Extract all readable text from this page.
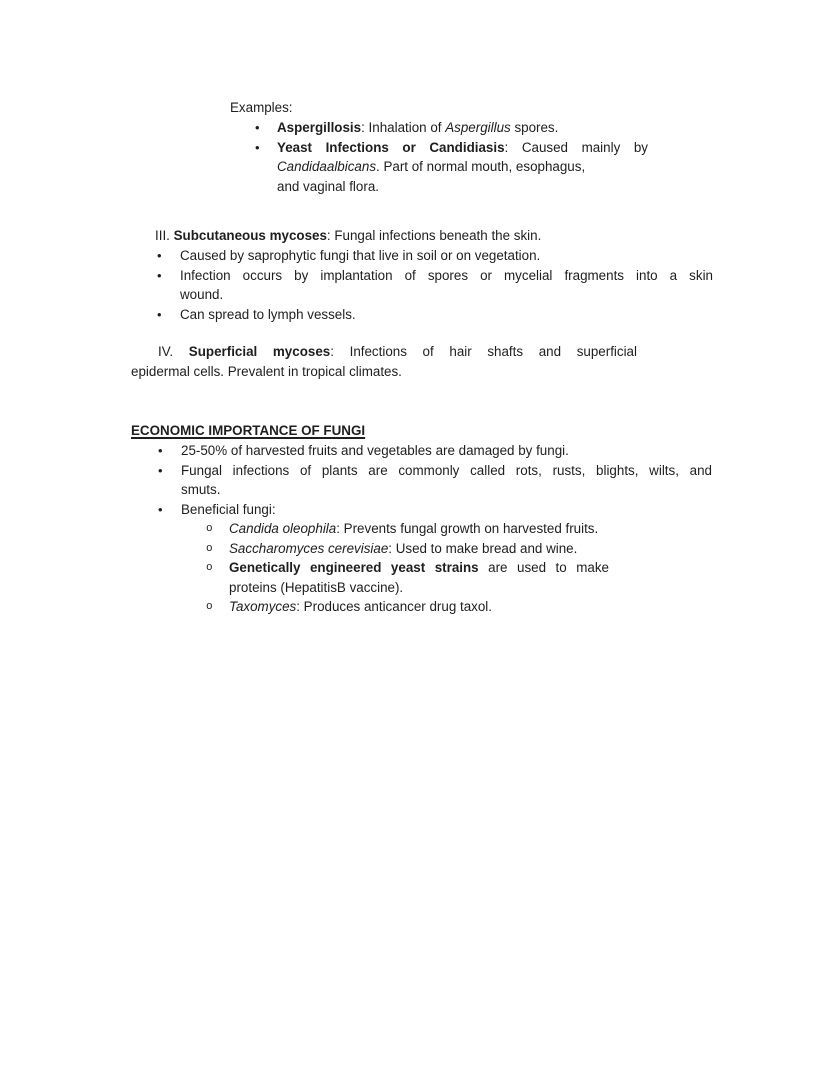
Examples:
•	Aspergillosis: Inhalation of Aspergillus spores.
• Yeast Infections or Candidiasis: Caused mainly by
Candidaalbicans. Part of normal mouth, esophagus,
and vaginal flora.
III. Subcutaneous mycoses: Fungal infections beneath the skin.
•	Caused by saprophytic fungi that live in soil or on vegetation.
• Infection occurs by implantation of spores or mycelial fragments into a skin
wound.
•	Can spread to lymph vessels.
IV. Superficial mycoses: Infections of hair shafts and superficial
epidermal cells. Prevalent in tropical climates.
ECONOMIC IMPORTANCE OF FUNGI
•	25-50% of harvested fruits and vegetables are damaged by fungi.
• Fungal infections of plants are commonly called rots, rusts, blights, wilts, and
smuts.
•	Beneficial fungi:
o	Candida oleophila: Prevents fungal growth on harvested fruits.
o	Saccharomyces cerevisiae: Used to make bread and wine.
o Genetically engineered yeast strains are used to make
proteins (HepatitisB vaccine).
o	Taxomyces: Produces anticancer drug taxol.
